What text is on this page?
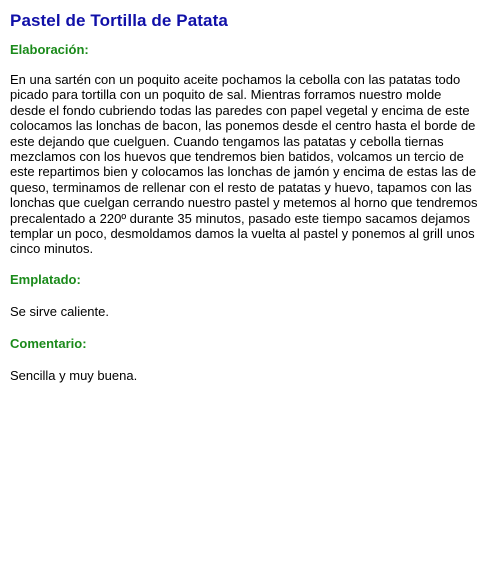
Pastel de Tortilla de Patata
Elaboración:

En una sartén con un poquito aceite pochamos la cebolla con las patatas todo picado para tortilla con un poquito de sal. Mientras forramos nuestro molde desde el fondo cubriendo todas las paredes con papel vegetal y encima de este colocamos las lonchas de bacon, las ponemos desde el centro hasta el borde de este dejando que cuelguen. Cuando tengamos las patatas y cebolla tiernas mezclamos con los huevos que tendremos bien batidos, volcamos un tercio de este repartimos bien y colocamos las lonchas de jamón y encima de estas las de queso, terminamos de rellenar con el resto de patatas y huevo, tapamos con las lonchas que cuelgan cerrando nuestro pastel y metemos al horno que tendremos precalentado a 220º durante 35 minutos, pasado este tiempo sacamos dejamos templar un poco, desmoldamos damos la vuelta al pastel y ponemos al grill unos cinco minutos.

Emplatado:

Se sirve caliente.

Comentario:

Sencilla y muy buena.
